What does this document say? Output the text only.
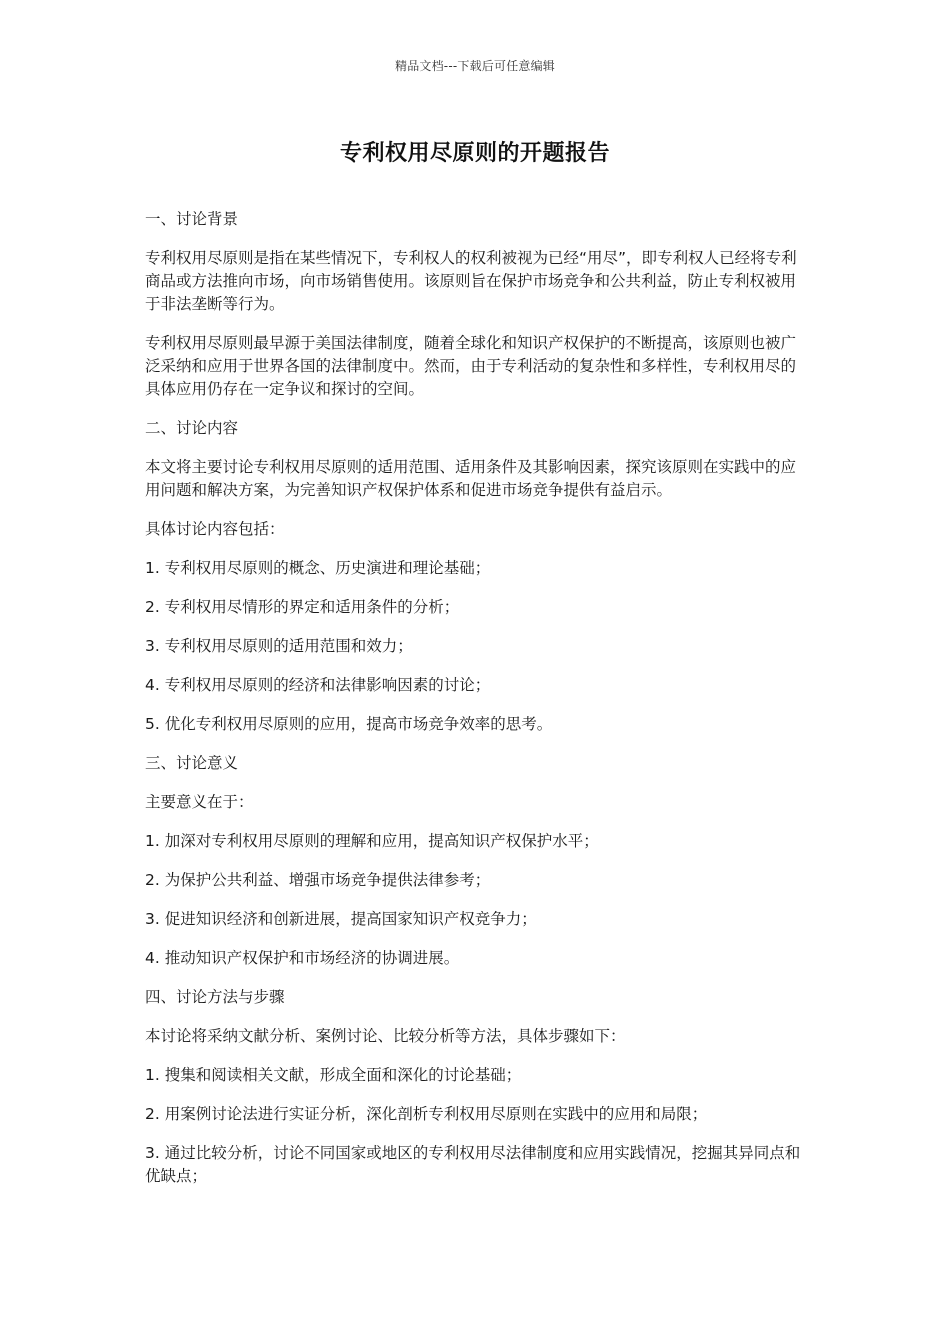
精品文档---下载后可任意编辑
专利权用尽原则的开题报告

一、讨论背景

专利权用尽原则是指在某些情况下，专利权人的权利被视为已经“用尽”，即专利权人已经将专利商品或方法推向市场，向市场销售使用。该原则旨在保护市场竞争和公共利益，防止专利权被用于非法垄断等行为。

专利权用尽原则最早源于美国法律制度，随着全球化和知识产权保护的不断提高，该原则也被广泛采纳和应用于世界各国的法律制度中。然而，由于专利活动的复杂性和多样性，专利权用尽的具体应用仍存在一定争议和探讨的空间。

二、讨论内容

本文将主要讨论专利权用尽原则的适用范围、适用条件及其影响因素，探究该原则在实践中的应用问题和解决方案，为完善知识产权保护体系和促进市场竞争提供有益启示。

具体讨论内容包括：

1. 专利权用尽原则的概念、历史演进和理论基础；

2. 专利权用尽情形的界定和适用条件的分析；

3. 专利权用尽原则的适用范围和效力；

4. 专利权用尽原则的经济和法律影响因素的讨论；

5. 优化专利权用尽原则的应用，提高市场竞争效率的思考。

三、讨论意义

主要意义在于：

1. 加深对专利权用尽原则的理解和应用，提高知识产权保护水平；

2. 为保护公共利益、增强市场竞争提供法律参考；

3. 促进知识经济和创新进展，提高国家知识产权竞争力；

4. 推动知识产权保护和市场经济的协调进展。

四、讨论方法与步骤

本讨论将采纳文献分析、案例讨论、比较分析等方法，具体步骤如下：

1. 搜集和阅读相关文献，形成全面和深化的讨论基础；

2. 用案例讨论法进行实证分析，深化剖析专利权用尽原则在实践中的应用和局限；

3. 通过比较分析，讨论不同国家或地区的专利权用尽法律制度和应用实践情况，挖掘其异同点和优缺点；
